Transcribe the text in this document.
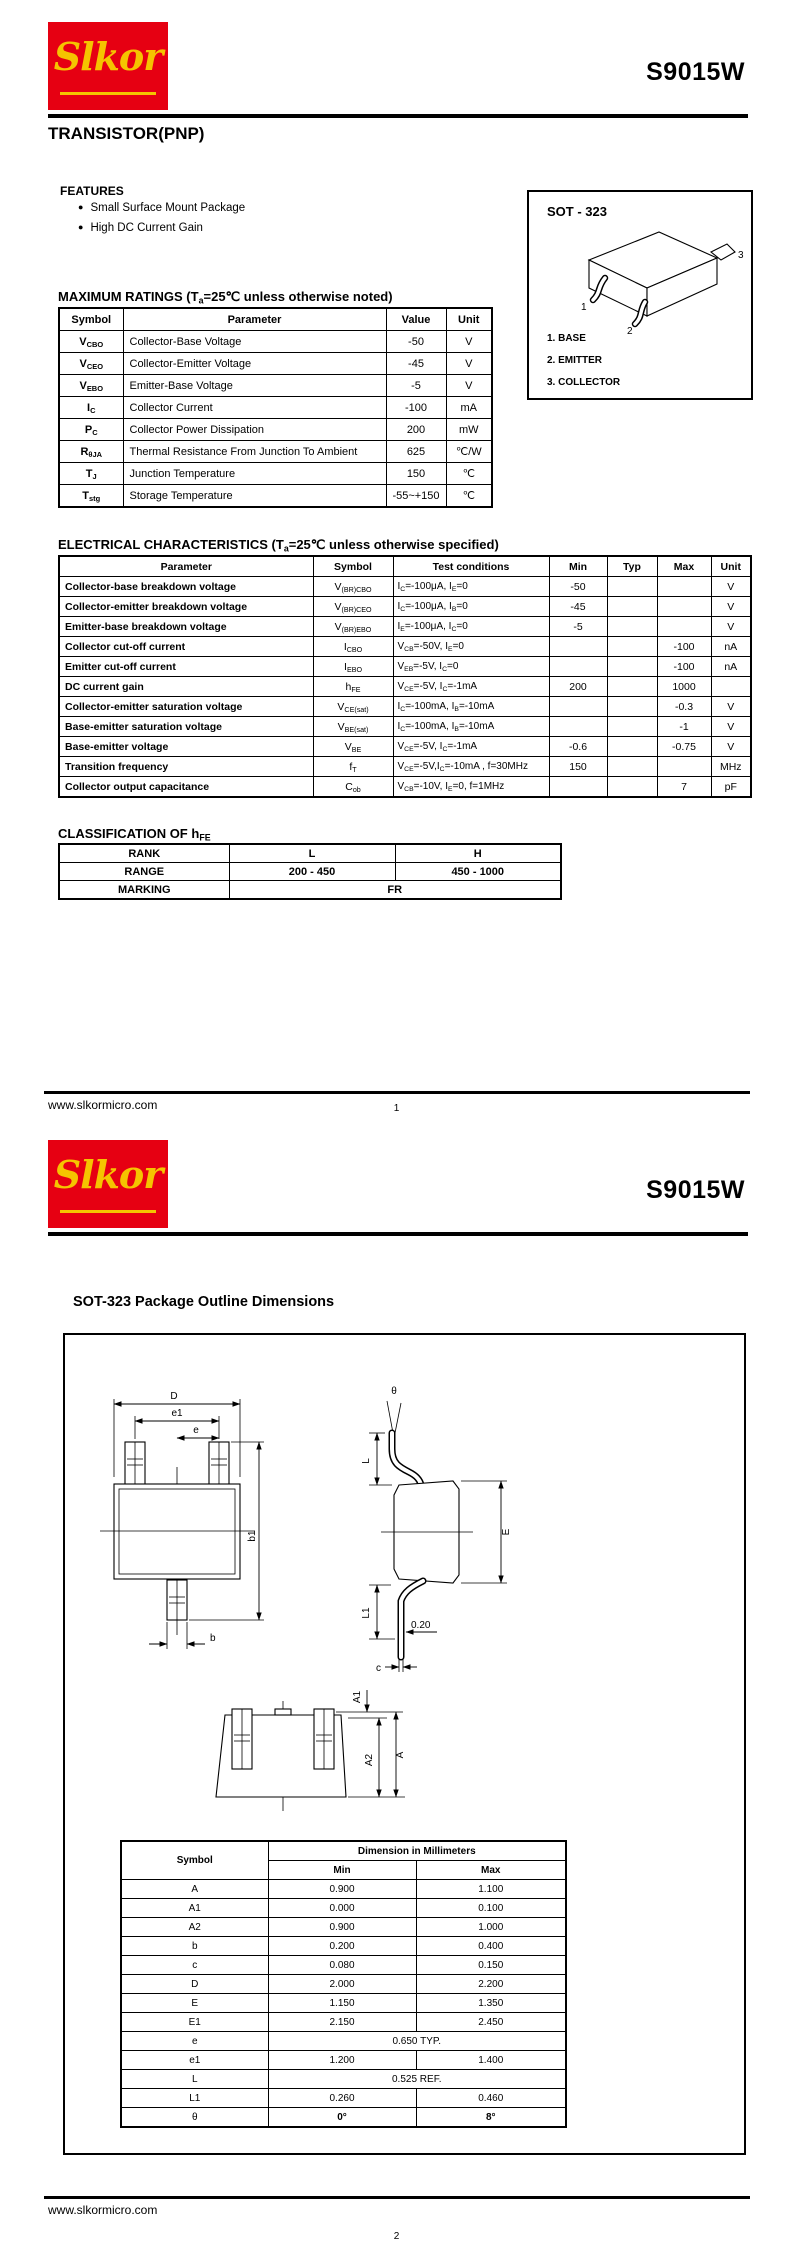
Slkor	S9015W
TRANSISTOR(PNP)
FEATURES
● Small Surface Mount Package
● High DC Current Gain
SOT - 323
1
2
3
1. BASE
2. EMITTER
3. COLLECTOR
MAXIMUM RATINGS ($T_a=25℃$ unless otherwise noted)
Symbol	Parameter	Value	Unit
$V_{CBO}$	Collector-Base Voltage	-50	V
$V_{CEO}$	Collector-Emitter Voltage	-45	V
$V_{EBO}$	Emitter-Base Voltage	-5	V
$I_C$	Collector Current	-100	mA
$P_C$	Collector Power Dissipation	200	mW
$R_{\theta JA}$	Thermal Resistance From Junction To Ambient	625	℃/W
$T_J$	Junction Temperature	150	℃
$T_{stg}$	Storage Temperature	-55~+150	℃
ELECTRICAL CHARACTERISTICS ($T_a=25℃$ unless otherwise specified)
Parameter	Symbol	Test conditions	Min	Typ	Max	Unit
Collector-base breakdown voltage	$V_{(BR)CBO}$	$I_C=-100\mu A$, $I_E=0$	-50			V
Collector-emitter breakdown voltage	$V_{(BR)CEO}$	$I_C=-100\mu A$, $I_B=0$	-45			V
Emitter-base breakdown voltage	$V_{(BR)EBO}$	$I_E=-100\mu A$, $I_C=0$	-5			V
Collector cut-off current	$I_{CBO}$	$V_{CB}=-50V$, $I_E=0$			-100	nA
Emitter cut-off current	$I_{EBO}$	$V_{EB}=-5V$, $I_C=0$			-100	nA
DC current gain	$h_{FE}$	$V_{CE}=-5V$, $I_C=-1mA$	200		1000	
Collector-emitter saturation voltage	$V_{CE(sat)}$	$I_C=-100mA$, $I_B=-10mA$			-0.3	V
Base-emitter saturation voltage	$V_{BE(sat)}$	$I_C=-100mA$, $I_B=-10mA$			-1	V
Base-emitter voltage	$V_{BE}$	$V_{CE}=-5V$, $I_C=-1mA$	-0.6		-0.75	V
Transition frequency	$f_T$	$V_{CE}=-5V,I_C=-10mA$ , f=30MHz	150			MHz
Collector output capacitance	$C_{ob}$	$V_{CB}=-10V$, $I_E=0$, f=1MHz			7	pF
CLASSIFICATION OF $h_{FE}$
RANK	L	H
RANGE	200 - 450	450 - 1000
MARKING	FR	
www.slkormicro.com	1
Slkor	S9015W
SOT-323 Package Outline Dimensions
D
e1
e
b1
b
θ
E
L
L1
0.20
c
A1
A2 A
Symbol	Dimension in Millimeters	
	Min	Max
A	0.900	1.100
A1	0.000	0.100
A2	0.900	1.000
b	0.200	0.400
c	0.080	0.150
D	2.000	2.200
E	1.150	1.350
E1	2.150	2.450
e	0.650 TYP.	
e1	1.200	1.400
L	0.525 REF.	
L1	0.260	0.460
θ	0°	8°
www.slkormicro.com
2
